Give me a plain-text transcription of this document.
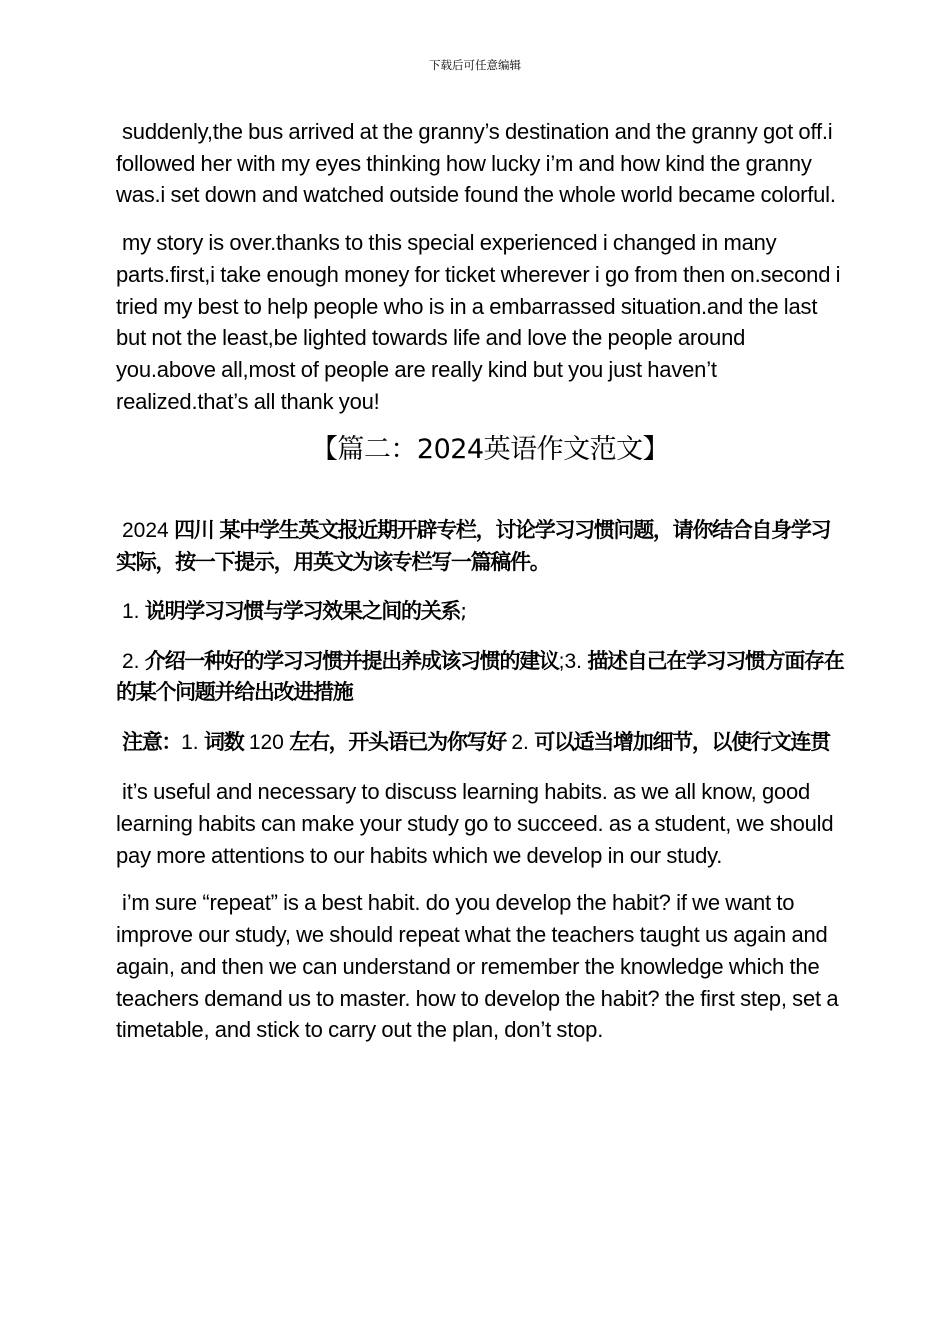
下载后可任意编辑

suddenly,the bus arrived at the granny’s destination and the granny got off.i followed her with my eyes thinking how lucky i’m and how kind the granny was.i set down and watched outside found the whole world became colorful.

my story is over.thanks to this special experienced i changed in many parts.first,i take enough money for ticket wherever i go from then on.second i tried my best to help people who is in a embarrassed situation.and the last but not the least,be lighted towards life and love the people around you.above all,most of people are really kind but you just haven’t realized.that’s all thank you!

【篇二：2024英语作文范文】

2024 四川 某中学生英文报近期开辟专栏，讨论学习习惯问题，请你结合自身学习实际，按一下提示，用英文为该专栏写一篇稿件。

1. 说明学习习惯与学习效果之间的关系;

2. 介绍一种好的学习习惯并提出养成该习惯的建议;3. 描述自己在学习习惯方面存在的某个问题并给出改进措施

注意：1. 词数 120 左右，开头语已为你写好 2. 可以适当增加细节，以使行文连贯

it’s useful and necessary to discuss learning habits. as we all know, good learning habits can make your study go to succeed. as a student, we should pay more attentions to our habits which we develop in our study.

i’m sure “repeat” is a best habit. do you develop the habit? if we want to improve our study, we should repeat what the teachers taught us again and again, and then we can understand or remember the knowledge which the teachers demand us to master. how to develop the habit? the first step, set a timetable, and stick to carry out the plan, don’t stop.
